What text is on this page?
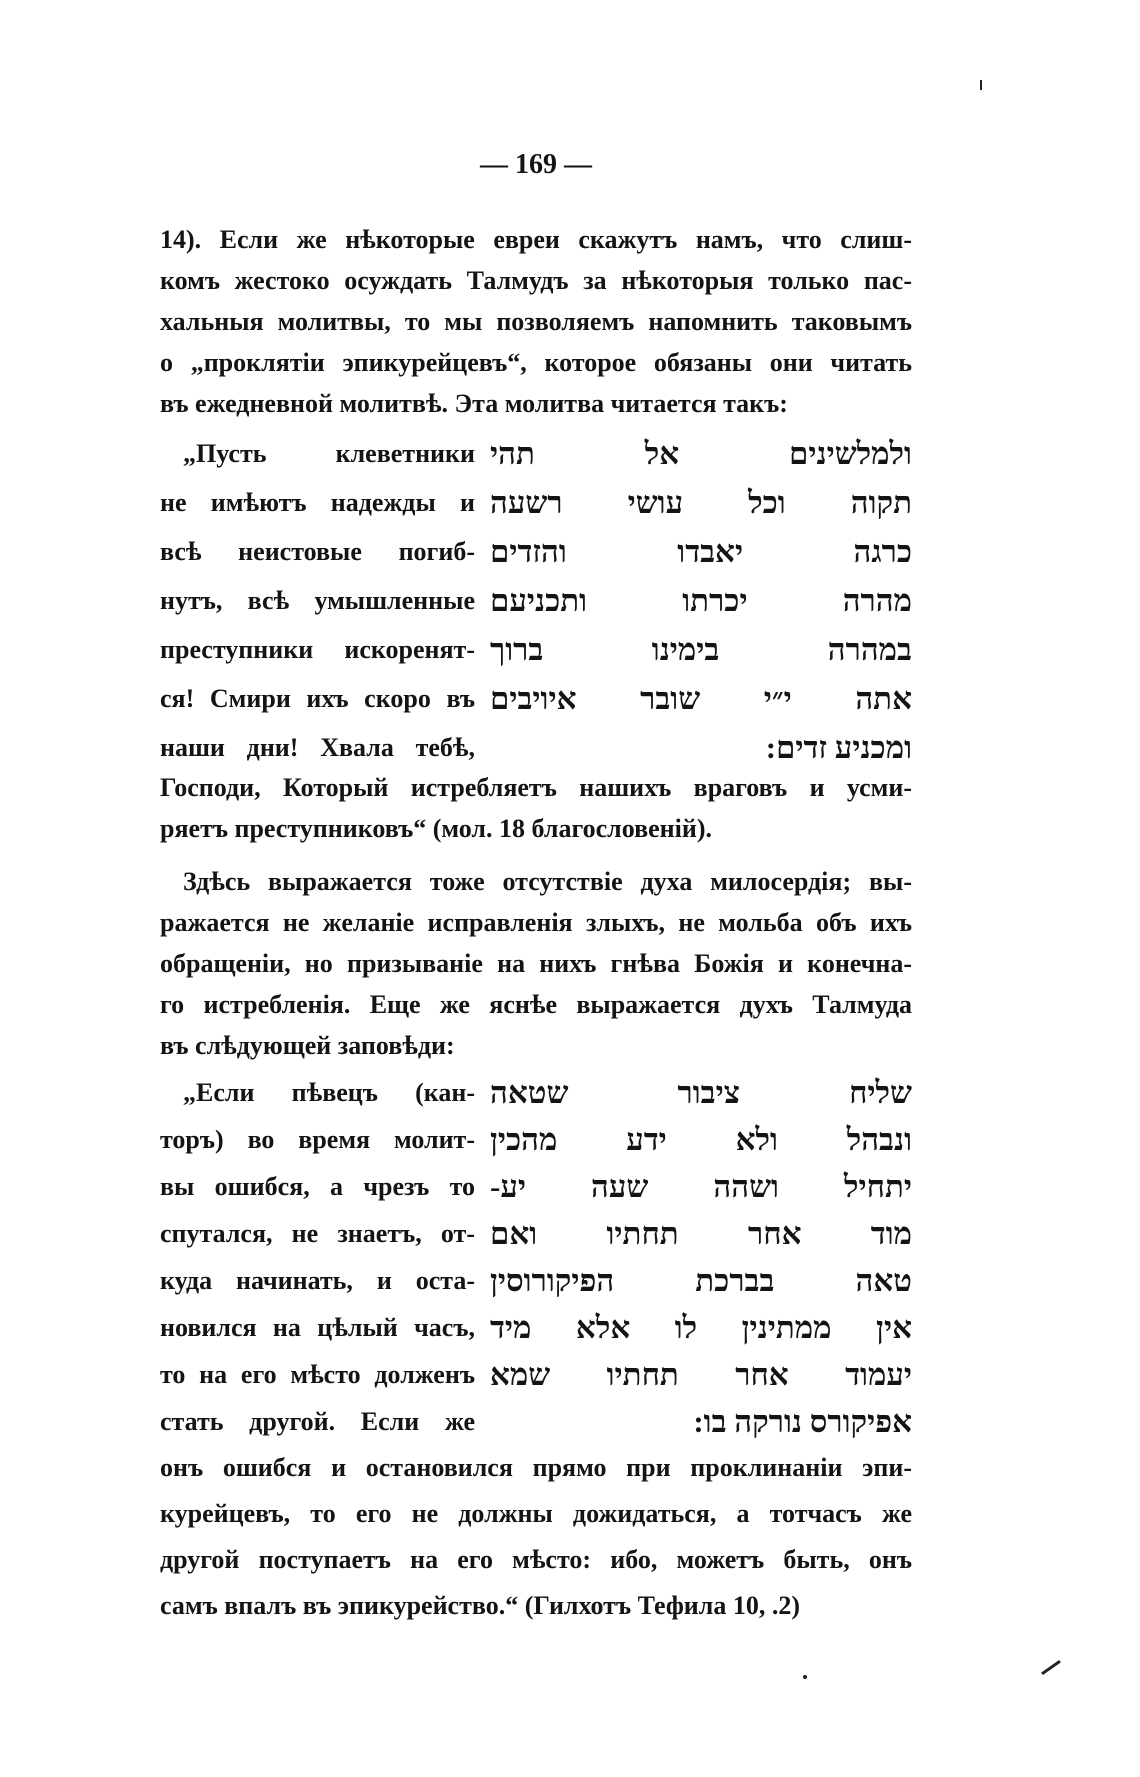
— 169 —
14). Если же нѣкоторые евреи скажутъ намъ, что слиш-
комъ жестоко осуждать Талмудъ за нѣкоторыя только пас-
хальныя молитвы, то мы позволяемъ напомнить таковымъ
о „проклятіи эпикурейцевъ“, которое обязаны они читать
въ ежедневной молитвѣ. Эта молитва читается такъ:
„Пусть клеветники
не имѣютъ надежды и
всѣ неистовые погиб-
нутъ, всѣ умышленные
преступники искоренят-
ся! Смири ихъ скоро въ
наши дни! Хвала тебѣ,
ולמלשינים אל תהי
תקוה וכל עושי רשעה
כרגה יאבדו והזדים
מהרה יכרתו ותכניעם
במהרה בימינו ברוך
אתה י״י שובר איויבים
ומכניע זדים:
Господи, Который истребляетъ нашихъ враговъ и усми-
ряетъ преступниковъ“ (мол. 18 благословеній).
Здѣсь выражается тоже отсутствіе духа милосердія; вы-
ражается не желаніе исправленія злыхъ, не мольба объ ихъ
обращеніи, но призываніе на нихъ гнѣва Божія и конечна-
го истребленія. Еще же яснѣе выражается духъ Талмуда
въ слѣдующей заповѣди:
„Если пѣвецъ (кан-
торъ) во время молит-
вы ошибся, а чрезъ то
спутался, не знаетъ, от-
куда начинать, и оста-
новился на цѣлый часъ,
то на его мѣсто долженъ
стать другой. Если же
שליח ציבור שטאה
ונבהל ולא ידע מהכין
יתחיל ושהה שעה יע-
מוד אחר תחתיו ואם
טאה בברכת הפיקורוסין
אין ממתינין לו אלא מיד
יעמוד אחר תחתיו שמא
אפיקורס נורקה בו:
онъ ошибся и остановился прямо при проклинаніи эпи-
курейцевъ, то его не должны дожидаться, а тотчасъ же
другой поступаетъ на его мѣсто: ибо, можетъ быть, онъ
самъ впалъ въ эпикурейство.“ (Гилхотъ Тефила 10, .2)
